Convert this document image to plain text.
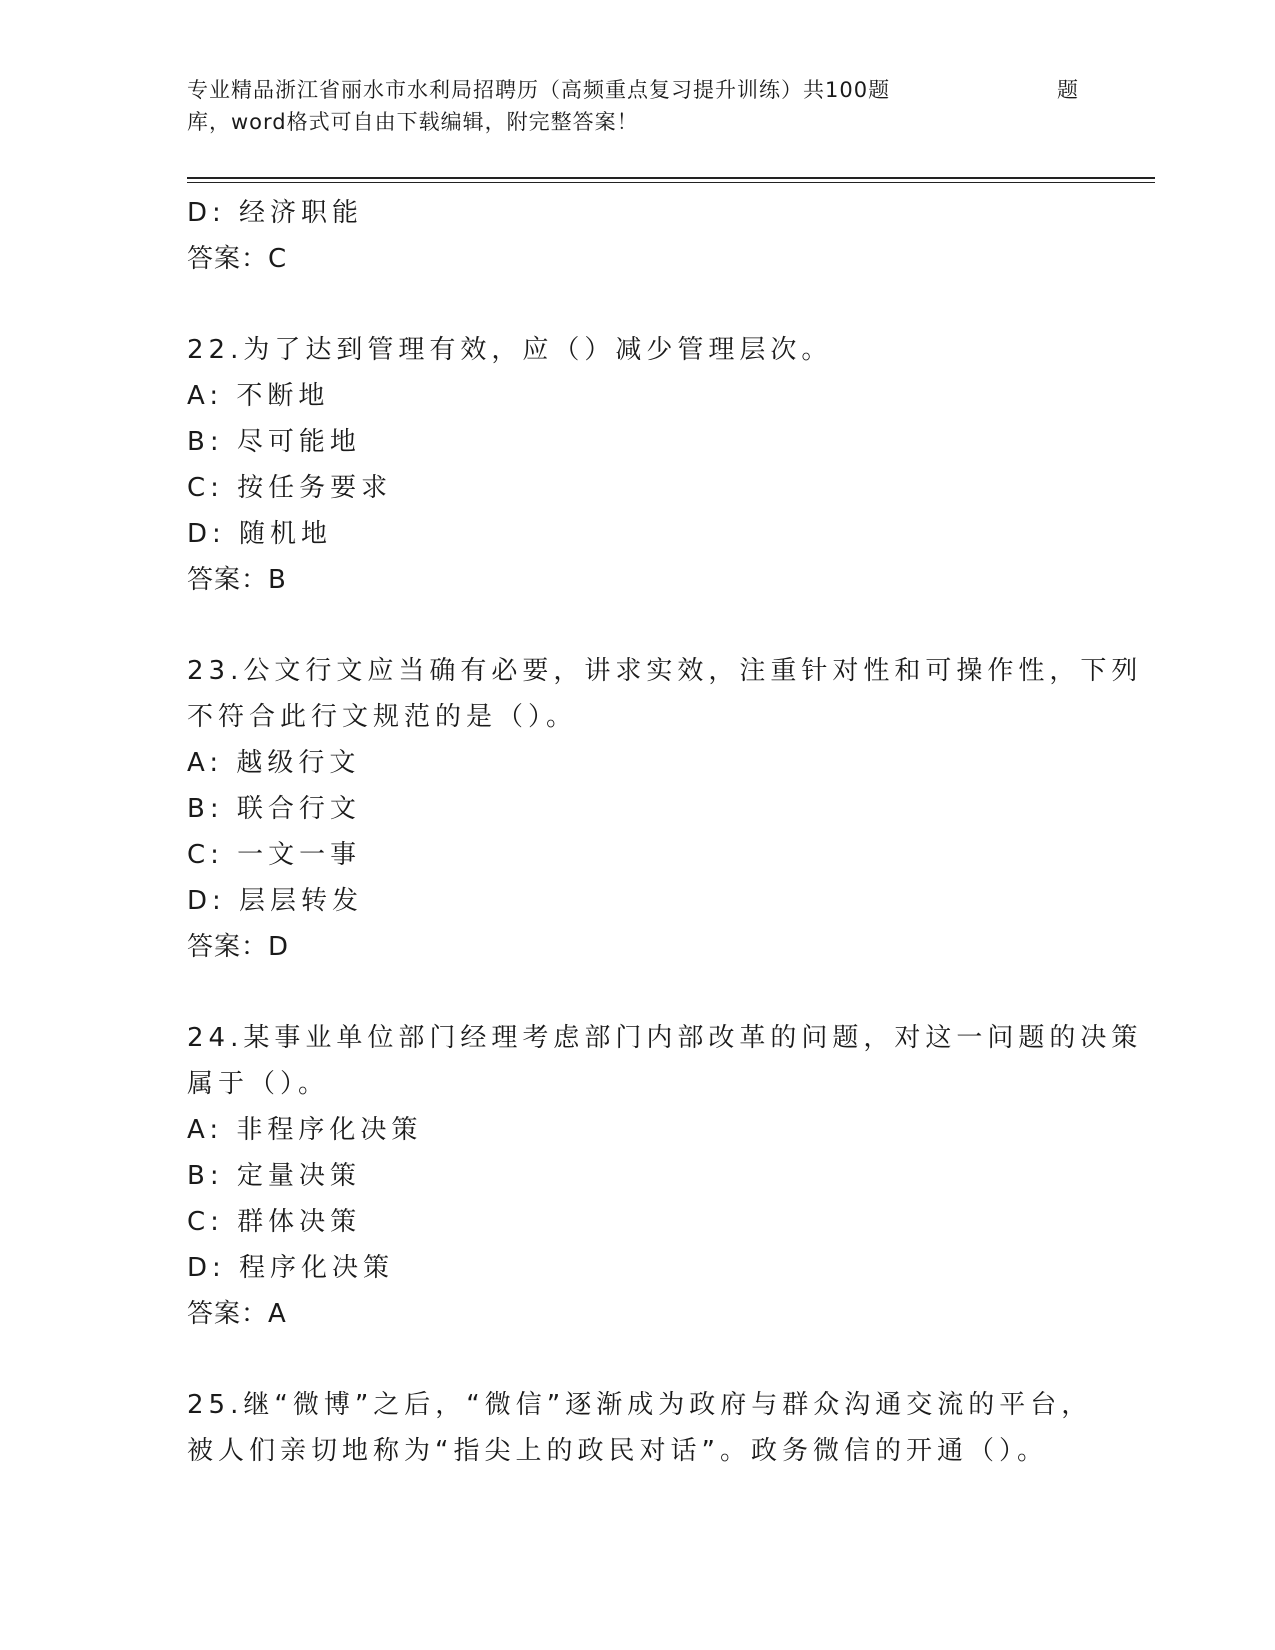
专业精品浙江省丽水市水利局招聘历（高频重点复习提升训练）共100题	题
库，word格式可自由下载编辑，附完整答案！
D: 经济职能
答案：C
22.为了达到管理有效，应（）减少管理层次。
A: 不断地
B: 尽可能地
C: 按任务要求
D: 随机地
答案：B
23.公文行文应当确有必要，讲求实效，注重针对性和可操作性，下列
不符合此行文规范的是（）。
A: 越级行文
B: 联合行文
C: 一文一事
D: 层层转发
答案：D
24.某事业单位部门经理考虑部门内部改革的问题，对这一问题的决策
属于（）。
A: 非程序化决策
B: 定量决策
C: 群体决策
D: 程序化决策
答案：A
25.继“微博”之后，“微信”逐渐成为政府与群众沟通交流的平台，
被人们亲切地称为“指尖上的政民对话”。政务微信的开通（）。
